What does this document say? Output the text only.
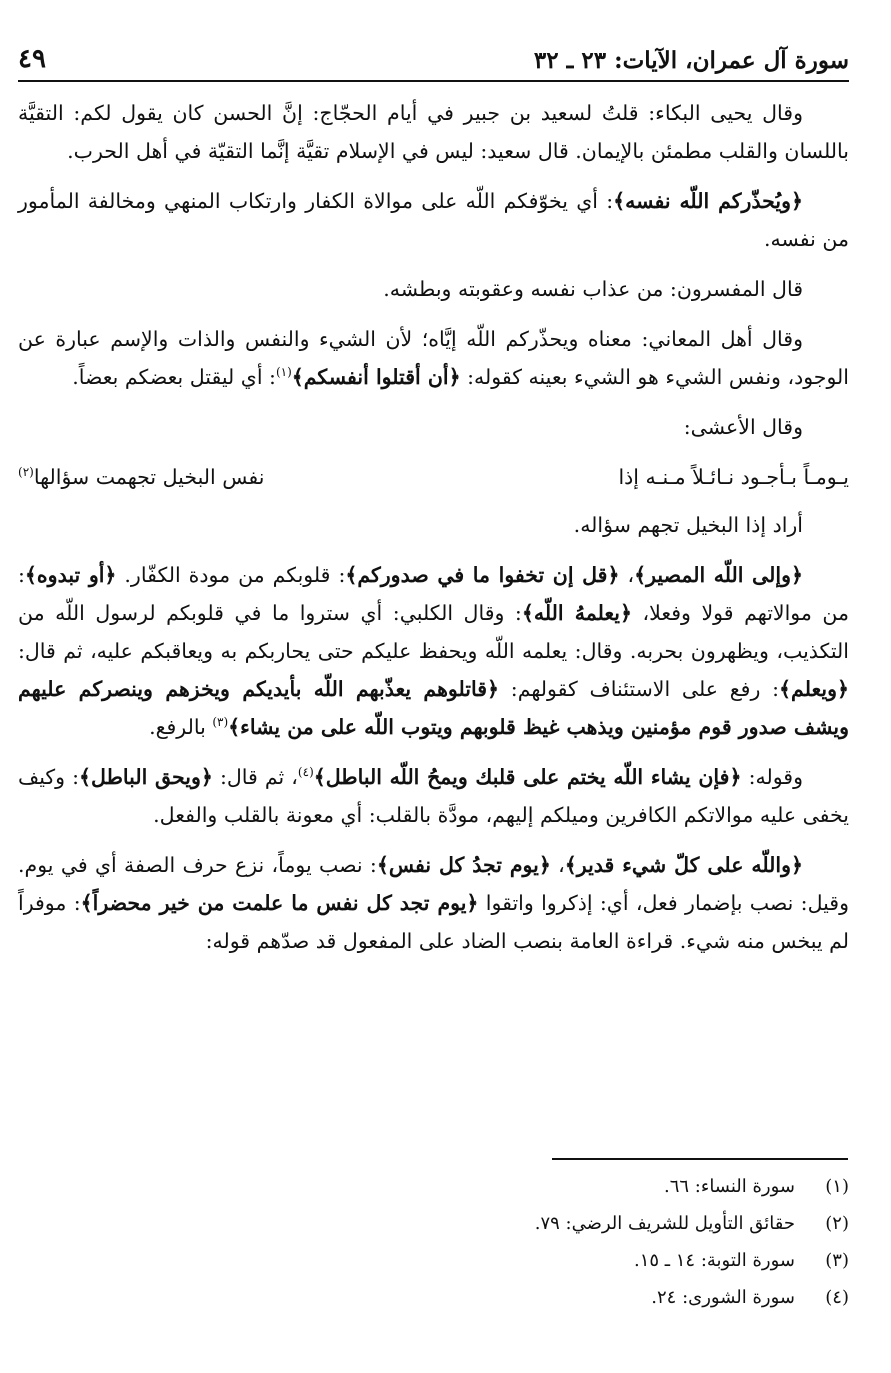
سورة آل عمران، الآيات: ٢٣ ـ ٣٢
٤٩

وقال يحيى البكاء: قلتُ لسعيد بن جبير في أيام الحجّاج: إنَّ الحسن كان يقول لكم: التقيَّة باللسان والقلب مطمئن بالإيمان. قال سعيد: ليس في الإسلام تقيَّة إنَّما التقيّة في أهل الحرب.

﴿ويُحذّركم اللّه نفسه﴾: أي يخوّفكم اللّه على موالاة الكفار وارتكاب المنهي ومخالفة المأمور من نفسه.

قال المفسرون: من عذاب نفسه وعقوبته وبطشه.

وقال أهل المعاني: معناه ويحذّركم اللّه إيَّاه؛ لأن الشيء والنفس والذات والإسم عبارة عن الوجود، ونفس الشيء هو الشيء بعينه كقوله: ﴿أن أقتلوا أنفسكم﴾$^{(١)}$: أي ليقتل بعضكم بعضاً.

وقال الأعشى:

يـومـاً بـأجـود نـائـلاً مـنـه إذا
نفس البخيل تجهمت سؤالها$^{(٢)}$

أراد إذا البخيل تجهم سؤاله.

﴿وإلى اللّه المصير﴾، ﴿قل إن تخفوا ما في صدوركم﴾: قلوبكم من مودة الكفّار. ﴿أو تبدوه﴾: من موالاتهم قولا وفعلا، ﴿يعلمهُ اللّه﴾: وقال الكلبي: أي ستروا ما في قلوبكم لرسول اللّه من التكذيب، ويظهرون بحربه. وقال: يعلمه اللّه ويحفظ عليكم حتى يحاربكم به ويعاقبكم عليه، ثم قال: ﴿ويعلم﴾: رفع على الاستئناف كقولهم: ﴿قاتلوهم يعذّبهم اللّه بأيديكم ويخزهم وينصركم عليهم ويشف صدور قوم مؤمنين ويذهب غيظ قلوبهم ويتوب اللّه على من يشاء﴾$^{(٣)}$ بالرفع.

وقوله: ﴿فإن يشاء اللّه يختم على قلبك ويمحُ اللّه الباطل﴾$^{(٤)}$، ثم قال: ﴿ويحق الباطل﴾: وكيف يخفى عليه موالاتكم الكافرين وميلكم إليهم، مودَّة بالقلب: أي معونة بالقلب والفعل.

﴿واللّه على كلّ شيء قدير﴾، ﴿يوم تجدُ كل نفس﴾: نصب يوماً، نزع حرف الصفة أي في يوم. وقيل: نصب بإضمار فعل، أي: إذكروا واتقوا ﴿يوم تجد كل نفس ما علمت من خير محضراً﴾: موفراً لم يبخس منه شيء. قراءة العامة بنصب الضاد على المفعول قد صدّهم قوله:

(١)
سورة النساء: ٦٦.
(٢)
حقائق التأويل للشريف الرضي: ٧٩.
(٣)
سورة التوبة: ١٤ ـ ١٥.
(٤)
سورة الشورى: ٢٤.
